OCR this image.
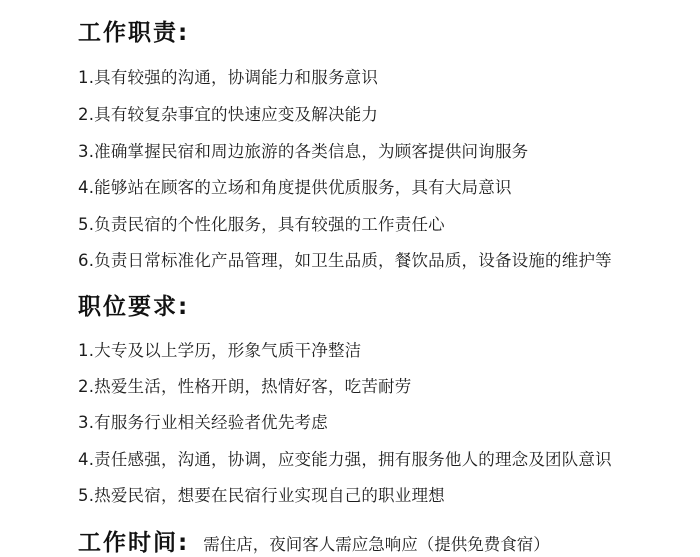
工作职责:
1.具有较强的沟通，协调能力和服务意识
2.具有较复杂事宜的快速应变及解决能力
3.准确掌握民宿和周边旅游的各类信息，为顾客提供问询服务
4.能够站在顾客的立场和角度提供优质服务，具有大局意识
5.负责民宿的个性化服务，具有较强的工作责任心
6.负责日常标准化产品管理，如卫生品质，餐饮品质，设备设施的维护等
职位要求:
1.大专及以上学历，形象气质干净整洁
2.热爱生活，性格开朗，热情好客，吃苦耐劳
3.有服务行业相关经验者优先考虑
4.责任感强，沟通，协调，应变能力强，拥有服务他人的理念及团队意识
5.热爱民宿，想要在民宿行业实现自己的职业理想
工作时间: 需住店，夜间客人需应急响应（提供免费食宿）
